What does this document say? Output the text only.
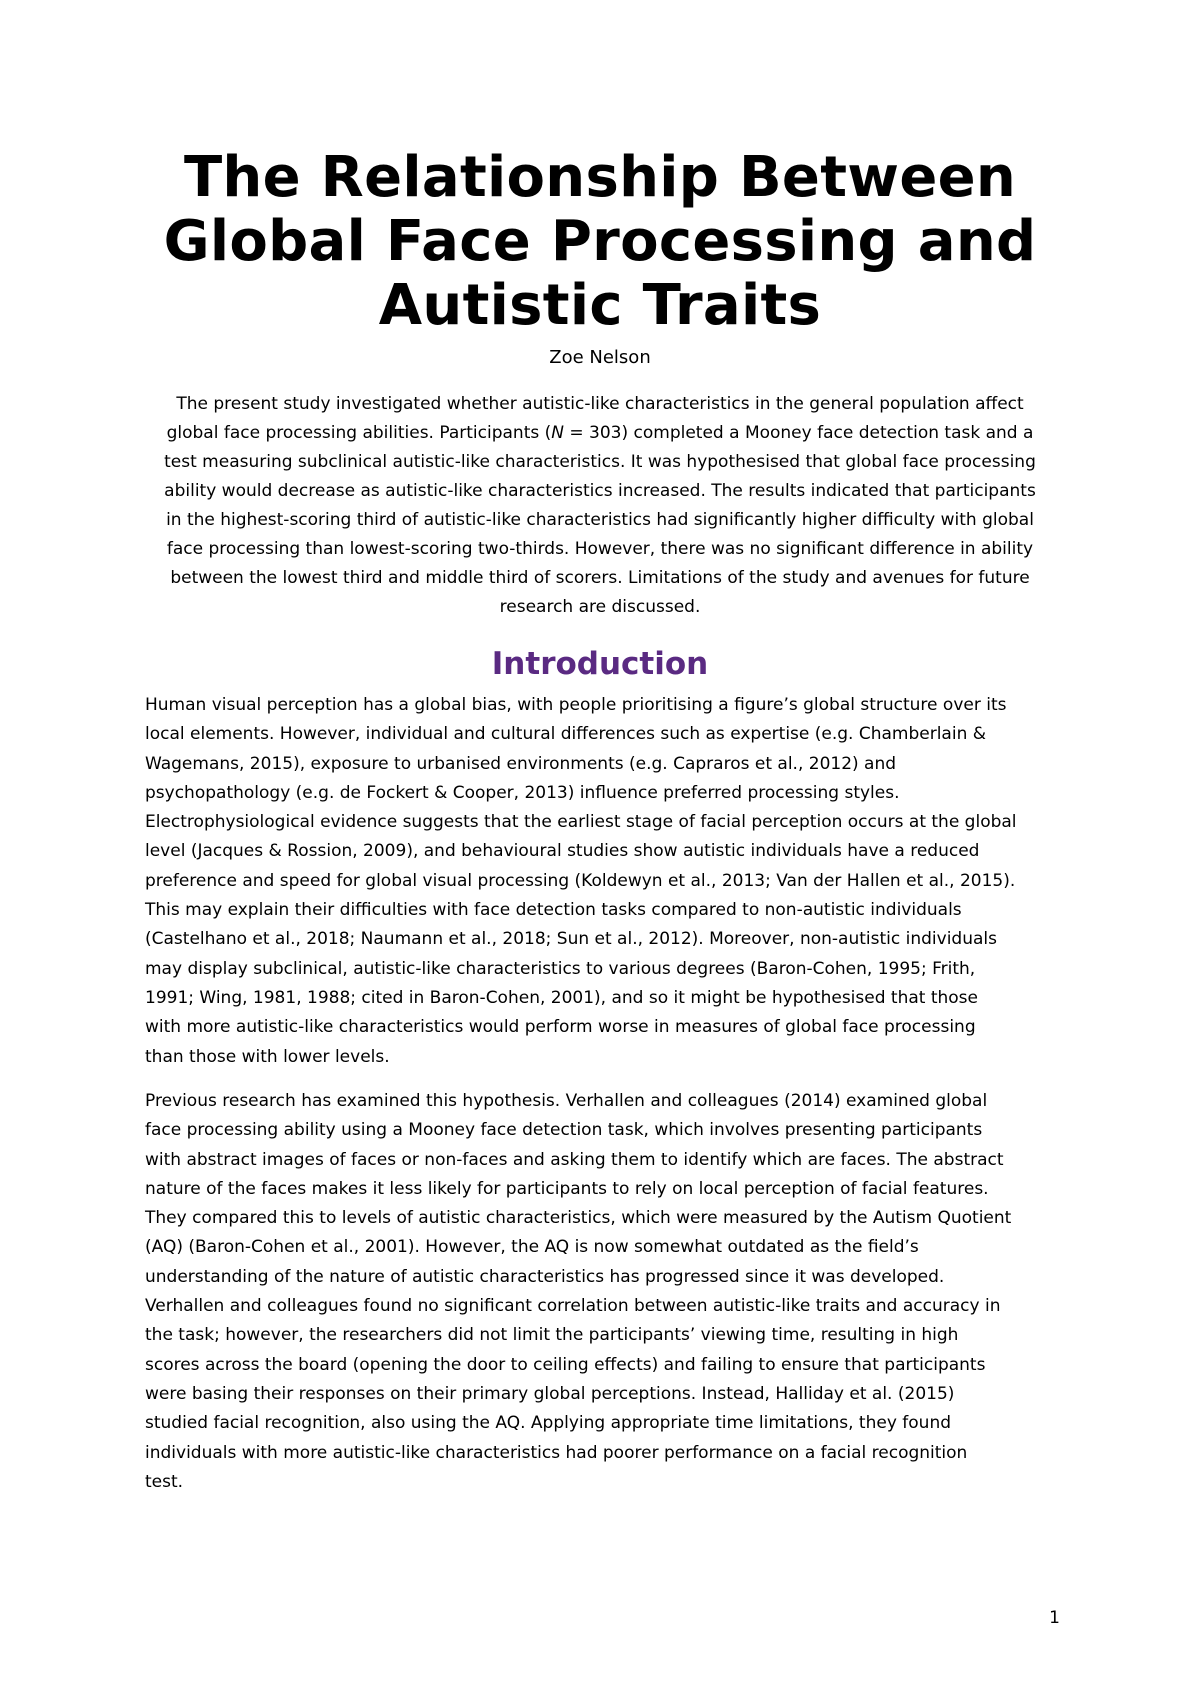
The Relationship Between
Global Face Processing and
Autistic Traits
Zoe Nelson
The present study investigated whether autistic-like characteristics in the general population affect
global face processing abilities. Participants (N = 303) completed a Mooney face detection task and a
test measuring subclinical autistic-like characteristics. It was hypothesised that global face processing
ability would decrease as autistic-like characteristics increased. The results indicated that participants
in the highest-scoring third of autistic-like characteristics had significantly higher difficulty with global
face processing than lowest-scoring two-thirds. However, there was no significant difference in ability
between the lowest third and middle third of scorers. Limitations of the study and avenues for future
research are discussed.
Introduction
Human visual perception has a global bias, with people prioritising a figure’s global structure over its
local elements. However, individual and cultural differences such as expertise (e.g. Chamberlain &
Wagemans, 2015), exposure to urbanised environments (e.g. Capraros et al., 2012) and
psychopathology (e.g. de Fockert & Cooper, 2013) influence preferred processing styles.
Electrophysiological evidence suggests that the earliest stage of facial perception occurs at the global
level (Jacques & Rossion, 2009), and behavioural studies show autistic individuals have a reduced
preference and speed for global visual processing (Koldewyn et al., 2013; Van der Hallen et al., 2015).
This may explain their difficulties with face detection tasks compared to non-autistic individuals
(Castelhano et al., 2018; Naumann et al., 2018; Sun et al., 2012). Moreover, non-autistic individuals
may display subclinical, autistic-like characteristics to various degrees (Baron-Cohen, 1995; Frith,
1991; Wing, 1981, 1988; cited in Baron-Cohen, 2001), and so it might be hypothesised that those
with more autistic-like characteristics would perform worse in measures of global face processing
than those with lower levels.
Previous research has examined this hypothesis. Verhallen and colleagues (2014) examined global
face processing ability using a Mooney face detection task, which involves presenting participants
with abstract images of faces or non-faces and asking them to identify which are faces. The abstract
nature of the faces makes it less likely for participants to rely on local perception of facial features.
They compared this to levels of autistic characteristics, which were measured by the Autism Quotient
(AQ) (Baron-Cohen et al., 2001). However, the AQ is now somewhat outdated as the field’s
understanding of the nature of autistic characteristics has progressed since it was developed.
Verhallen and colleagues found no significant correlation between autistic-like traits and accuracy in
the task; however, the researchers did not limit the participants’ viewing time, resulting in high
scores across the board (opening the door to ceiling effects) and failing to ensure that participants
were basing their responses on their primary global perceptions. Instead, Halliday et al. (2015)
studied facial recognition, also using the AQ. Applying appropriate time limitations, they found
individuals with more autistic-like characteristics had poorer performance on a facial recognition
test.
1
